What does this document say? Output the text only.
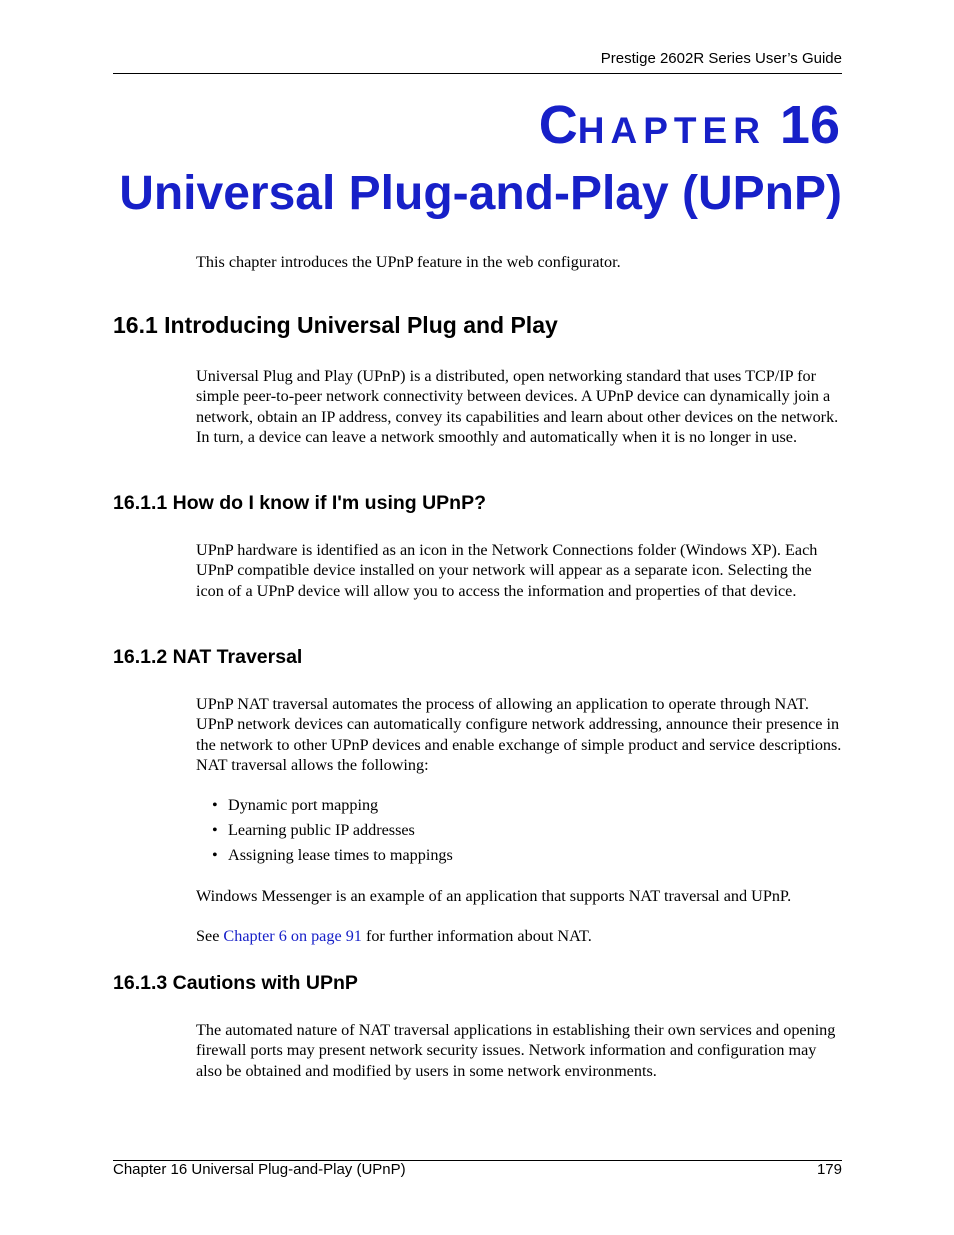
Prestige 2602R Series User’s Guide
CHAPTER 16
Universal Plug-and-Play (UPnP)

This chapter introduces the UPnP feature in the web configurator.

16.1 Introducing Universal Plug and Play

Universal Plug and Play (UPnP) is a distributed, open networking standard that uses TCP/IP for simple peer-to-peer network connectivity between devices. A UPnP device can dynamically join a network, obtain an IP address, convey its capabilities and learn about other devices on the network. In turn, a device can leave a network smoothly and automatically when it is no longer in use.

16.1.1 How do I know if I'm using UPnP?

UPnP hardware is identified as an icon in the Network Connections folder (Windows XP). Each UPnP compatible device installed on your network will appear as a separate icon. Selecting the icon of a UPnP device will allow you to access the information and properties of that device.

16.1.2 NAT Traversal

UPnP NAT traversal automates the process of allowing an application to operate through NAT. UPnP network devices can automatically configure network addressing, announce their presence in the network to other UPnP devices and enable exchange of simple product and service descriptions. NAT traversal allows the following:

• Dynamic port mapping
• Learning public IP addresses
• Assigning lease times to mappings

Windows Messenger is an example of an application that supports NAT traversal and UPnP.

See Chapter 6 on page 91 for further information about NAT.

16.1.3 Cautions with UPnP

The automated nature of NAT traversal applications in establishing their own services and opening firewall ports may present network security issues. Network information and configuration may also be obtained and modified by users in some network environments.

Chapter 16 Universal Plug-and-Play (UPnP)	179
